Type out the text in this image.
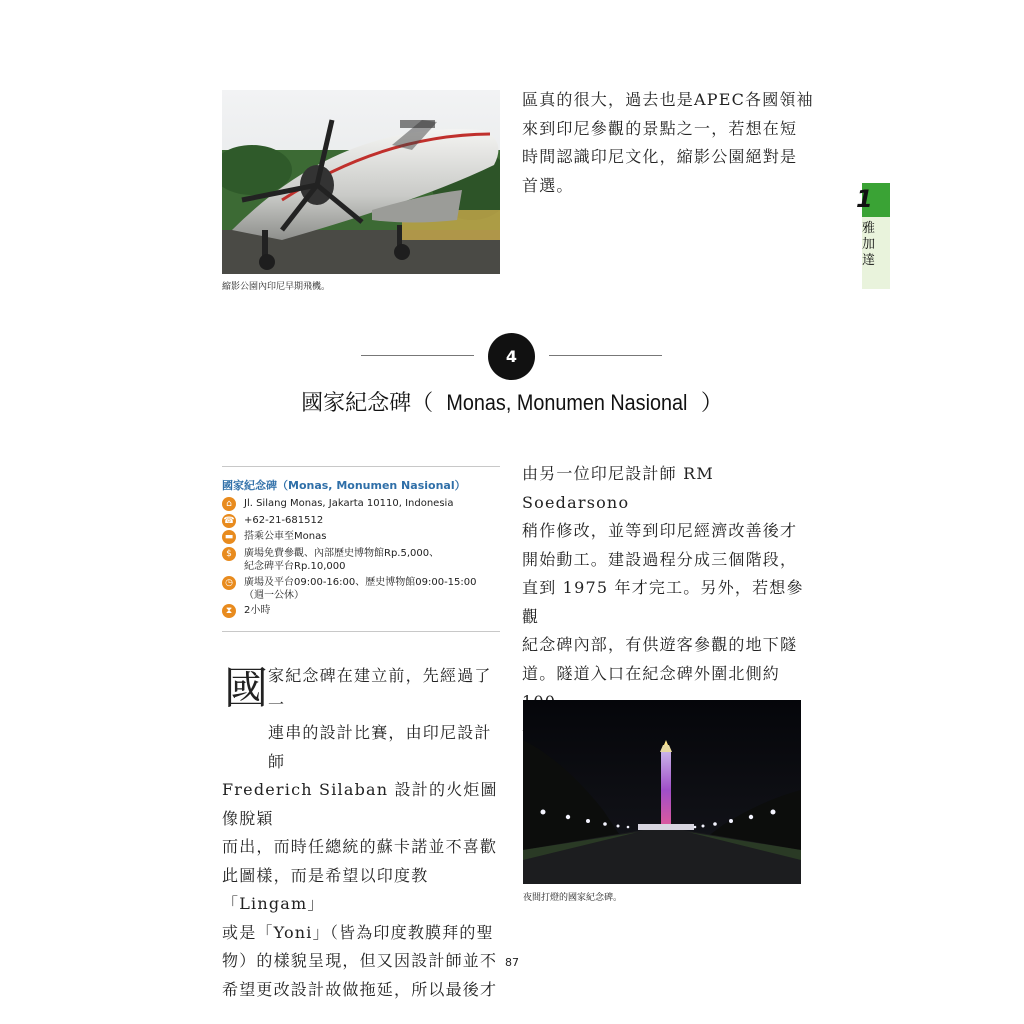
縮影公園內印尼早期飛機。
區真的很大，過去也是APEC各國領袖
來到印尼參觀的景點之一，若想在短
時間認識印尼文化，縮影公園絕對是
首選。	1
雅
加
達
4
國家紀念碑（ Monas, Monumen Nasional ）
國家紀念碑（Monas, Monumen Nasional）
⌂	Jl. Silang Monas, Jakarta 10110, Indonesia
☎ +62-21-681512
▬ 搭乘公車至Monas
$	廣場免費參觀、內部歷史博物館Rp.5,000、
紀念碑平台Rp.10,000
◷	廣場及平台09:00-16:00、歷史博物館09:00-15:00
（週一公休）
⧗	2小時
國 家紀念碑在建立前，先經過了一
連串的設計比賽，由印尼設計師
Frederich Silaban 設計的火炬圖像脫穎
而出，而時任總統的蘇卡諾並不喜歡
此圖樣，而是希望以印度教「Lingam」
或是「Yoni」（皆為印度教膜拜的聖
物）的樣貌呈現，但又因設計師並不
希望更改設計故做拖延，所以最後才
由另一位印尼設計師 RM Soedarsono
稍作修改，並等到印尼經濟改善後才
開始動工。建設過程分成三個階段，
直到 1975 年才完工。另外，若想參觀
紀念碑內部，有供遊客參觀的地下隧
道。隧道入口在紀念碑外圍北側約
夜間打燈的國家紀念碑。
87
